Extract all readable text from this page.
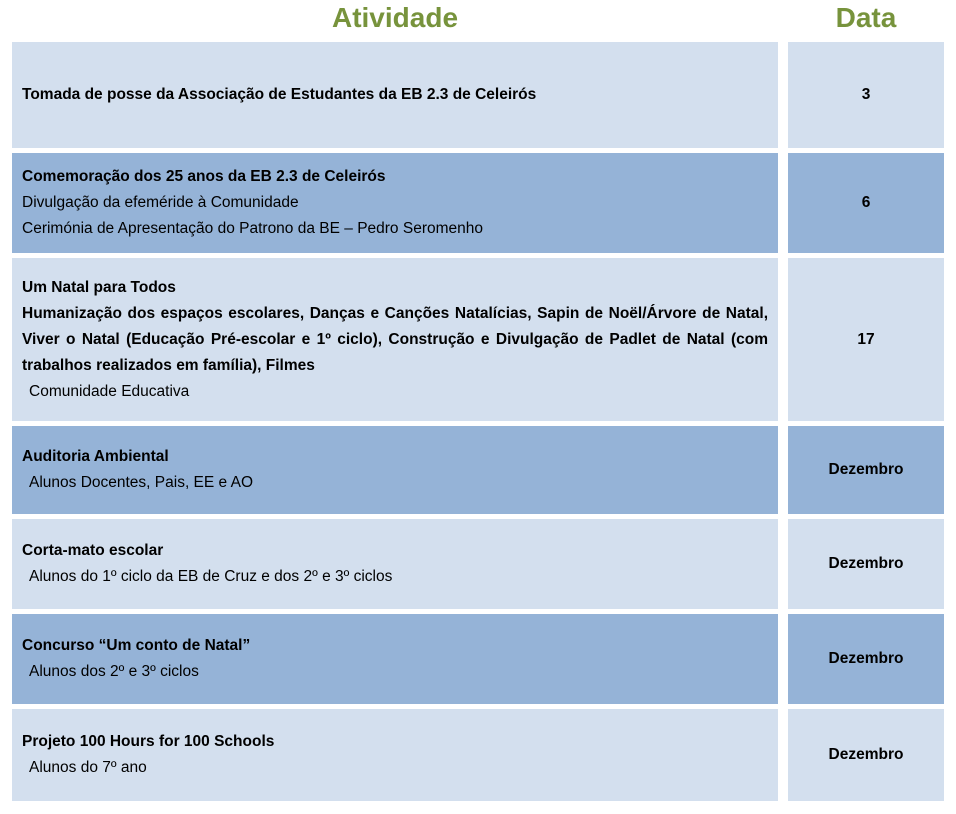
Atividade	Data
Tomada de posse da Associação de Estudantes da EB 2.3 de Celeirós	3
Comemoração dos 25 anos da EB 2.3 de Celeirós
Divulgação da efeméride à Comunidade
Cerimónia de Apresentação do Patrono da BE – Pedro Seromenho
6
Um Natal para Todos
Humanização dos espaços escolares, Danças e Canções Natalícias, Sapin de Noël/Árvore de Natal, Viver o Natal (Educação Pré-escolar e 1º ciclo), Construção e Divulgação de Padlet de Natal (com trabalhos realizados em família), Filmes
Comunidade Educativa
17
Auditoria Ambiental
Alunos Docentes, Pais, EE e AO
Dezembro
Corta-mato escolar
Alunos do 1º ciclo da EB de Cruz e dos 2º e 3º ciclos
Dezembro
Concurso “Um conto de Natal”
Alunos dos 2º e 3º ciclos
Dezembro
Projeto 100 Hours for 100 Schools
Alunos do 7º ano
Dezembro
